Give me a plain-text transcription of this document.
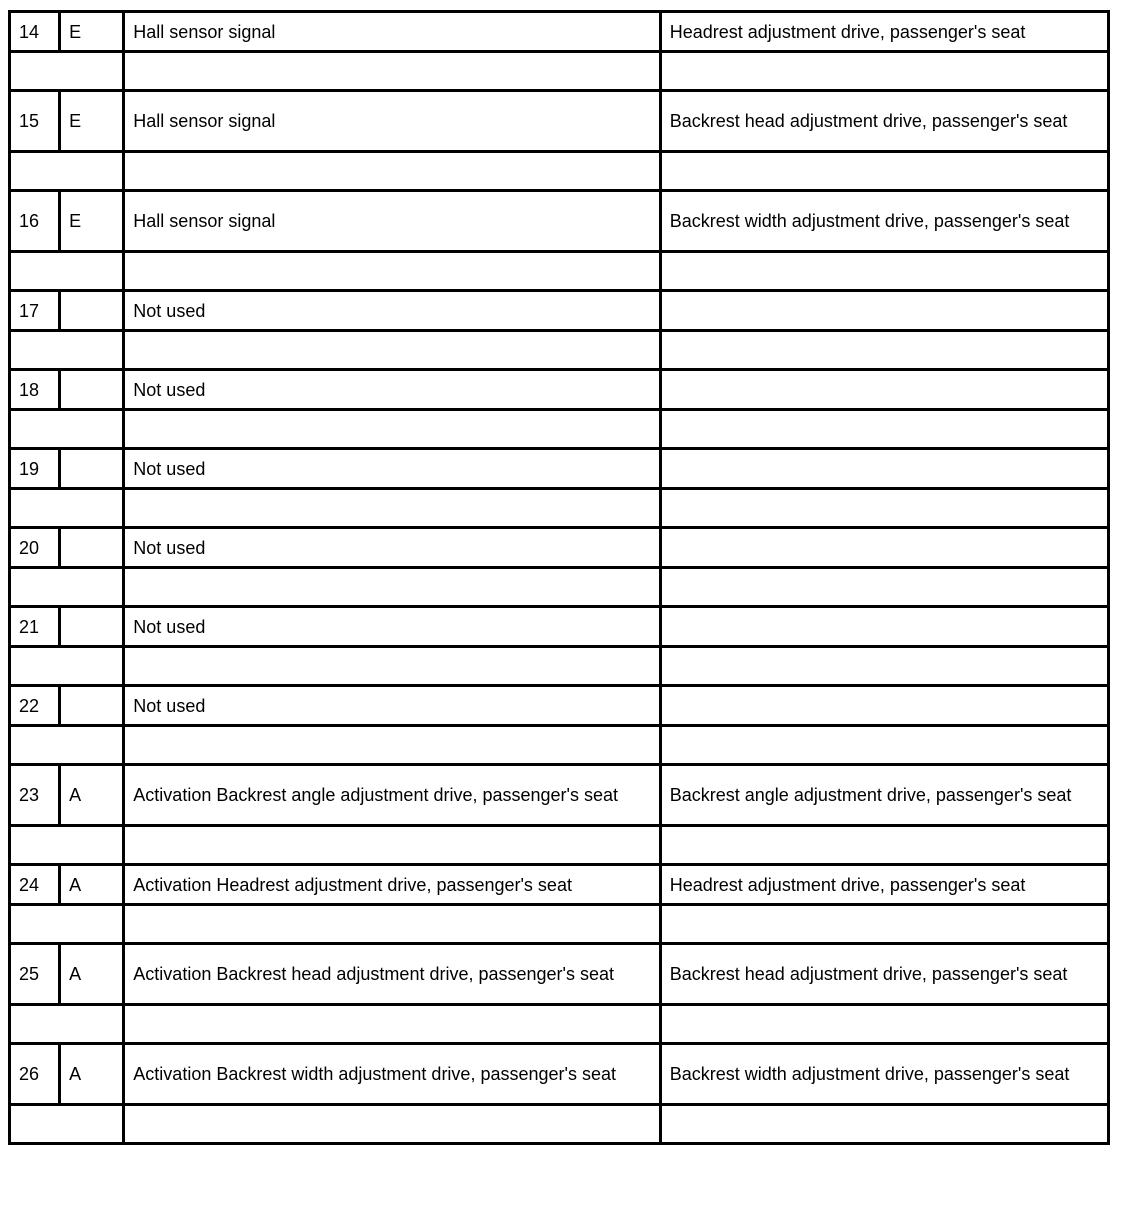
14	E	Hall sensor signal	Headrest adjustment drive, passenger's seat

15	E	Hall sensor signal	Backrest head adjustment drive, passenger's seat

16	E	Hall sensor signal	Backrest width adjustment drive, passenger's seat

17		Not used	

18		Not used	

19		Not used	

20		Not used	

21		Not used	

22		Not used	

23	A	Activation Backrest angle adjustment drive, passenger's seat	Backrest angle adjustment drive, passenger's seat

24	A	Activation Headrest adjustment drive, passenger's seat	Headrest adjustment drive, passenger's seat

25	A	Activation Backrest head adjustment drive, passenger's seat	Backrest head adjustment drive, passenger's seat

26	A	Activation Backrest width adjustment drive, passenger's seat	Backrest width adjustment drive, passenger's seat
